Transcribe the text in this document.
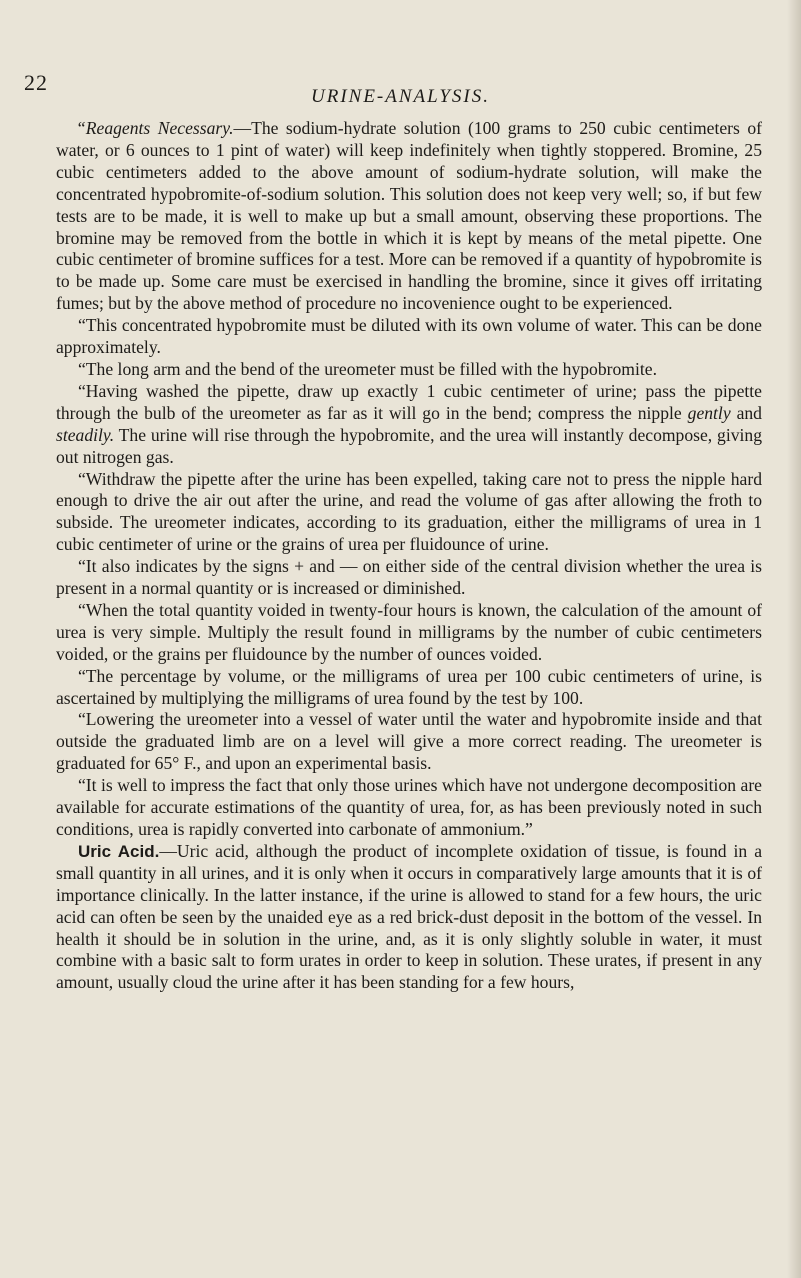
22
URINE-ANALYSIS.

“Reagents Necessary.—The sodium-hydrate solution (100 grams to 250 cubic centimeters of water, or 6 ounces to 1 pint of water) will keep indefinitely when tightly stoppered. Bromine, 25 cubic centimeters added to the above amount of sodium-hydrate solution, will make the concentrated hypobromite-of-sodium solution. This solution does not keep very well; so, if but few tests are to be made, it is well to make up but a small amount, observing these proportions. The bromine may be removed from the bottle in which it is kept by means of the metal pipette. One cubic centimeter of bromine suffices for a test. More can be removed if a quantity of hypobromite is to be made up. Some care must be exercised in handling the bromine, since it gives off irritating fumes; but by the above method of procedure no incovenience ought to be experienced.

“This concentrated hypobromite must be diluted with its own volume of water. This can be done approximately.

“The long arm and the bend of the ureometer must be filled with the hypobromite.

“Having washed the pipette, draw up exactly 1 cubic centimeter of urine; pass the pipette through the bulb of the ureometer as far as it will go in the bend; compress the nipple gently and steadily. The urine will rise through the hypobromite, and the urea will instantly decompose, giving out nitrogen gas.

“Withdraw the pipette after the urine has been expelled, taking care not to press the nipple hard enough to drive the air out after the urine, and read the volume of gas after allowing the froth to subside. The ureometer indicates, according to its graduation, either the milligrams of urea in 1 cubic centimeter of urine or the grains of urea per fluidounce of urine.

“It also indicates by the signs + and — on either side of the central division whether the urea is present in a normal quantity or is increased or diminished.

“When the total quantity voided in twenty-four hours is known, the calculation of the amount of urea is very simple. Multiply the result found in milligrams by the number of cubic centimeters voided, or the grains per fluidounce by the number of ounces voided.

“The percentage by volume, or the milligrams of urea per 100 cubic centimeters of urine, is ascertained by multiplying the milligrams of urea found by the test by 100.

“Lowering the ureometer into a vessel of water until the water and hypobromite inside and that outside the graduated limb are on a level will give a more correct reading. The ureometer is graduated for 65° F., and upon an experimental basis.

“It is well to impress the fact that only those urines which have not undergone decomposition are available for accurate estimations of the quantity of urea, for, as has been previously noted in such conditions, urea is rapidly converted into carbonate of ammonium.”

Uric Acid.—Uric acid, although the product of incomplete oxidation of tissue, is found in a small quantity in all urines, and it is only when it occurs in comparatively large amounts that it is of importance clinically. In the latter instance, if the urine is allowed to stand for a few hours, the uric acid can often be seen by the unaided eye as a red brick-dust deposit in the bottom of the vessel. In health it should be in solution in the urine, and, as it is only slightly soluble in water, it must combine with a basic salt to form urates in order to keep in solution. These urates, if present in any amount, usually cloud the urine after it has been standing for a few hours,
